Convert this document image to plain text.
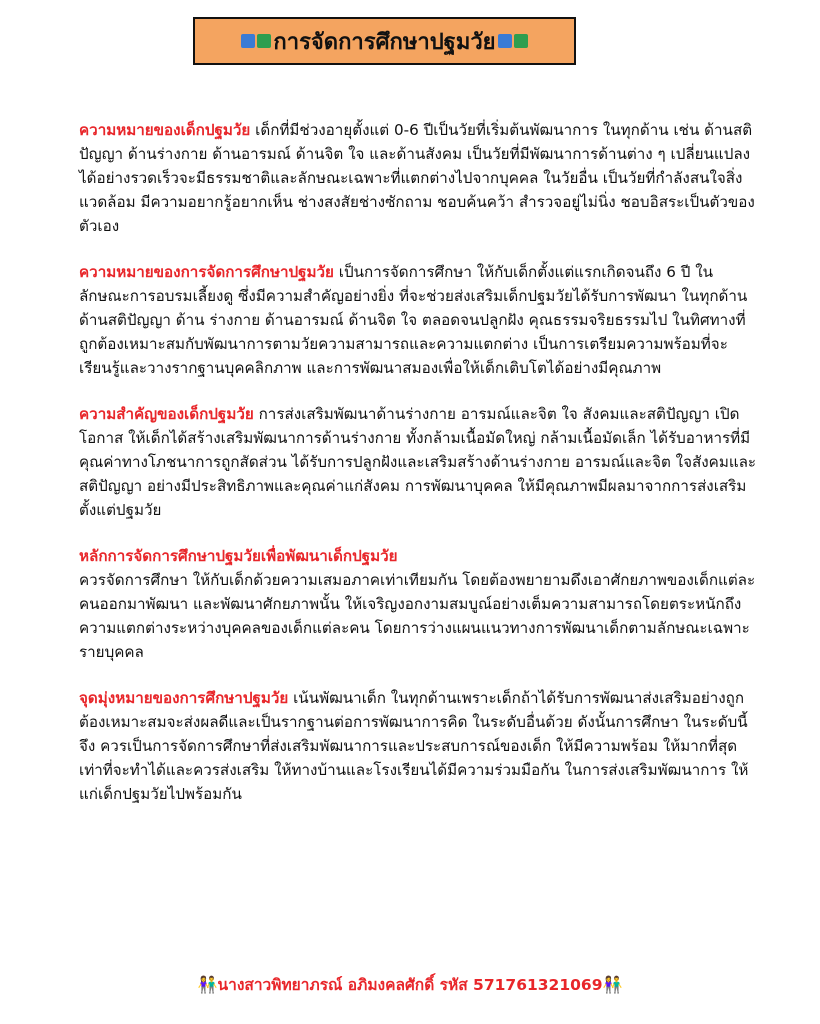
การจัดการศึกษาปฐมวัย
ความหมายของเด็กปฐมวัย เด็กที่มีช่วงอายุตั้งแต่ 0-6 ปีเป็นวัยที่เริ่มต้นพัฒนาการ ในทุกด้าน เช่น ด้านสติปัญญา ด้านร่างกาย ด้านอารมณ์ ด้านจิต ใจ และด้านสังคม เป็นวัยที่มีพัฒนาการด้านต่าง ๆ เปลี่ยนแปลงได้อย่างรวดเร็วจะมีธรรมชาติและลักษณะเฉพาะที่แตกต่างไปจากบุคคล ในวัยอื่น เป็นวัยที่กำลังสนใจสิ่งแวดล้อม มีความอยากรู้อยากเห็น ช่างสงสัยช่างซักถาม ชอบค้นคว้า สำรวจอยู่ไม่นิ่ง ชอบอิสระเป็นตัวของตัวเอง
ความหมายของการจัดการศึกษาปฐมวัย เป็นการจัดการศึกษา ให้กับเด็กตั้งแต่แรกเกิดจนถึง 6 ปี ในลักษณะการอบรมเลี้ยงดู ซึ่งมีความสำคัญอย่างยิ่ง ที่จะช่วยส่งเสริมเด็กปฐมวัยได้รับการพัฒนา ในทุกด้าน ด้านสติปัญญา ด้าน ร่างกาย ด้านอารมณ์ ด้านจิต ใจ ตลอดจนปลูกฝัง คุณธรรมจริยธรรมไป ในทิศทางที่ถูกต้องเหมาะสมกับพัฒนาการตามวัยความสามารถและความแตกต่าง เป็นการเตรียมความพร้อมที่จะเรียนรู้และวางรากฐานบุคคลิกภาพ และการพัฒนาสมองเพื่อให้เด็กเติบโตได้อย่างมีคุณภาพ
ความสำคัญของเด็กปฐมวัย การส่งเสริมพัฒนาด้านร่างกาย อารมณ์และจิต ใจ สังคมและสติปัญญา เปิดโอกาส ให้เด็กได้สร้างเสริมพัฒนาการด้านร่างกาย ทั้งกล้ามเนื้อมัดใหญ่ กล้ามเนื้อมัดเล็ก ได้รับอาหารที่มีคุณค่าทางโภชนาการถูกสัดส่วน ได้รับการปลูกฝังและเสริมสร้างด้านร่างกาย อารมณ์และจิต ใจสังคมและสติปัญญา อย่างมีประสิทธิภาพและคุณค่าแก่สังคม การพัฒนาบุคคล ให้มีคุณภาพมีผลมาจากการส่งเสริมตั้งแต่ปฐมวัย
หลักการจัดการศึกษาปฐมวัยเพื่อพัฒนาเด็กปฐมวัย
ควรจัดการศึกษา ให้กับเด็กด้วยความเสมอภาคเท่าเทียมกัน โดยต้องพยายามดึงเอาศักยภาพของเด็กแต่ละคนออกมาพัฒนา และพัฒนาศักยภาพนั้น ให้เจริญงอกงามสมบูณ์อย่างเต็มความสามารถโดยตระหนักถึงความแตกต่างระหว่างบุคคลของเด็กแต่ละคน โดยการว่างแผนแนวทางการพัฒนาเด็กตามลักษณะเฉพาะรายบุคคล
จุดมุ่งหมายของการศึกษาปฐมวัย เน้นพัฒนาเด็ก ในทุกด้านเพราะเด็กถ้าได้รับการพัฒนาส่งเสริมอย่างถูกต้องเหมาะสมจะส่งผลดีและเป็นรากฐานต่อการพัฒนาการคิด ในระดับอื่นด้วย ดังนั้นการศึกษา ในระดับนี้จึง ควรเป็นการจัดการศึกษาที่ส่งเสริมพัฒนาการและประสบการณ์ของเด็ก ให้มีความพร้อม ให้มากที่สุดเท่าที่จะทำได้และควรส่งเสริม ให้ทางบ้านและโรงเรียนได้มีความร่วมมือกัน ในการส่งเสริมพัฒนาการ ให้แก่เด็กปฐมวัยไปพร้อมกัน
👫นางสาวพิทยาภรณ์ อภิมงคลศักดิ์ รหัส 571761321069👫
